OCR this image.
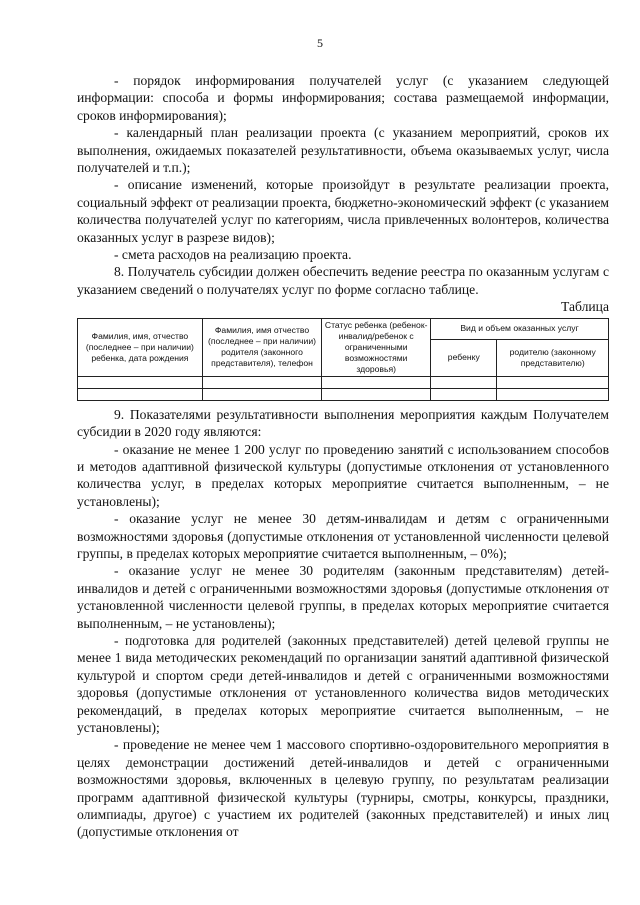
5

- порядок информирования получателей услуг (с указанием следующей информации: способа и формы информирования; состава размещаемой информации, сроков информирования);

- календарный план реализации проекта (с указанием мероприятий, сроков их выполнения, ожидаемых показателей результативности, объема оказываемых услуг, числа получателей и т.п.);

- описание изменений, которые произойдут в результате реализации проекта, социальный эффект от реализации проекта, бюджетно-экономический эффект (с указанием количества получателей услуг по категориям, числа привлеченных волонтеров, количества оказанных услуг в разрезе видов);

- смета расходов на реализацию проекта.

8. Получатель субсидии должен обеспечить ведение реестра по оказанным услугам с указанием сведений о получателях услуг по форме согласно таблице.

Таблица

Фамилия, имя, отчество (последнее – при наличии) ребенка, дата рождения	Фамилия, имя отчество (последнее – при наличии) родителя (законного представителя), телефон	Статус ребенка (ребенок-инвалид/ребенок с ограниченными возможностями здоровья)	Вид и объем оказанных услуг	
			ребенку	родителю (законному представителю)

9. Показателями результативности выполнения мероприятия каждым Получателем субсидии в 2020 году являются:

- оказание не менее 1 200 услуг по проведению занятий с использованием способов и методов адаптивной физической культуры (допустимые отклонения от установленного количества услуг, в пределах которых мероприятие считается выполненным, – не установлены);

- оказание услуг не менее 30 детям-инвалидам и детям с ограниченными возможностями здоровья (допустимые отклонения от установленной численности целевой группы, в пределах которых мероприятие считается выполненным, – 0%);

- оказание услуг не менее 30 родителям (законным представителям) детей-инвалидов и детей с ограниченными возможностями здоровья (допустимые отклонения от установленной численности целевой группы, в пределах которых мероприятие считается выполненным, – не установлены);

- подготовка для родителей (законных представителей) детей целевой группы не менее 1 вида методических рекомендаций по организации занятий адаптивной физической культурой и спортом среди детей-инвалидов и детей с ограниченными возможностями здоровья (допустимые отклонения от установленного количества видов методических рекомендаций, в пределах которых мероприятие считается выполненным, – не установлены);

- проведение не менее чем 1 массового спортивно-оздоровительного мероприятия в целях демонстрации достижений детей-инвалидов и детей с ограниченными возможностями здоровья, включенных в целевую группу, по результатам реализации программ адаптивной физической культуры (турниры, смотры, конкурсы, праздники, олимпиады, другое) с участием их родителей (законных представителей) и иных лиц (допустимые отклонения от
